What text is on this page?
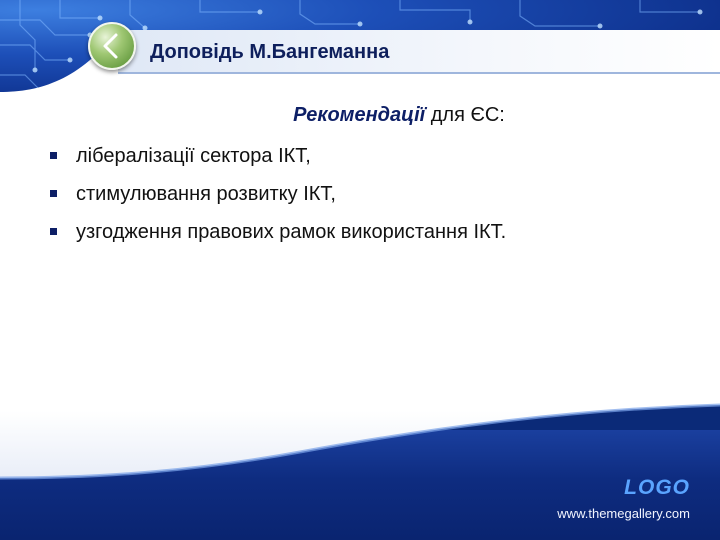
Доповідь М.Бангеманна

Рекомендації для ЄС:

лібералізації сектора ІКТ,
стимулювання розвитку ІКТ,
узгодження правових рамок використання ІКТ.
LOGO
www.themegallery.com
